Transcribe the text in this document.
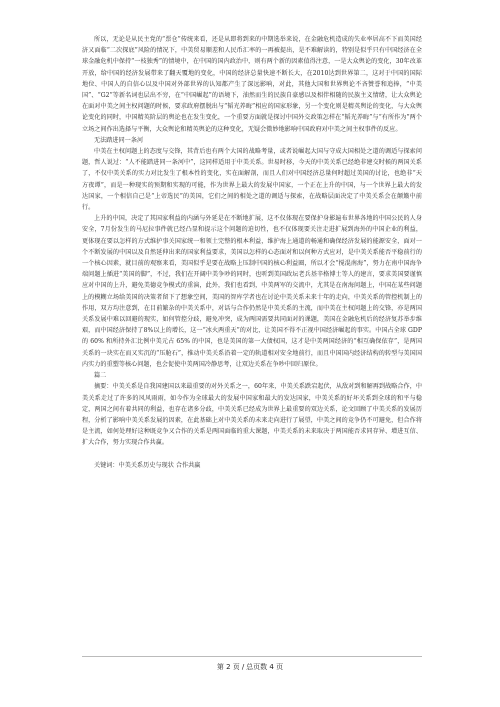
所以，无论是从民主党的“票仓”传统来看，还是从即将到来的中期选举来说，在金融危机造成的失业率居高不下而美国经济又面临“二次探底”风险的情况下，中美贸易顺差和人民币汇率的一再被提出，是不难解读的，特别是似乎只有中国经济在全球金融危机中保持“一枝独秀”的情境中，在中国的国内政治中，则有两个新的因素值得注意，一是大众舆论的变化，30年改革开放，给中国的经济发展带来了翻天覆地的变化，中国的经济总量快速不断长大，在2010达到世界第二，这对于中国的国际地位、中国人的自信心以及中国对外部世界的认知都产生了深远影响，对此，其他大国和世界舆论不吝赞誉和追捧，“中美国”、“G2”等新名词也层出不穷，在“中国崛起”的语境下，油然而生的民族自豪感以及相伴相随的民族主义情绪，让大众舆论在面对中美之间主权问题的时候，要求政府摆脱出与“韬光养晦”相应的国家形象，另一个变化则是精英舆论的变化，与大众舆论变化的同时，中国精英阶层的舆论也在发生变化，一个重要方面就是探讨中国外交政策怎样在“韬光养晦”与“有所作为”两个立场之间作出选择与平衡，大众舆论和精英舆论的这种变化，无疑会微妙地影响中国政府对中美之间主权事件的反应。

无法踏进同一条河

中美在主权问题上的态度与交锋，其背后也有两个大国的战略考量，或者说崛起大国与守成大国相处之道的调适与探索问题，哲人说过：“人不能踏进同一条河中”，这同样适用于中美关系。世易时移，今天的中美关系已经绝非建交时候的两国关系了，不仅中美关系的实力对比发生了根本性的变化，实在面解剖，而且人们对中国经济总量何时超过美国的讨论，也绝非“天方夜谭”，而是一种现实的预期和实现的可能，作为世界上最大的发展中国家，一个正在上升的中国，与一个世界上最大的发达国家，一个相信自己是“上帝选民”的美国，它们之间的相处之道的调适与探索，在战略层面决定了中美关系会在颠簸中前行。

上升的中国，决定了其国家利益的内涵与外延是在不断地扩展，这不仅体现在要保护身影遍布世界各地的中国公民的人身安全，7月份发生的马尼拉事件就已经凸显和提示这个问题的迫切性，也不仅体现要关注走进扩展到海外的中国企业的利益，更体现在要以怎样的方式维护事关国家统一和领土完整的根本利益，维护海上通道的畅通和确保经济发展的能源安全，面对一个不断发展的中国以及自然延伸出来的国家利益要求，美国以怎样的心态面对和以何种方式应对，是中美关系能否平稳前行的一个核心因素，就目前的观察来看，美国似乎是要在战略上压制中国的核心利益圈，所以才会“搅混南海”，努力在南中国海争端问题上插进“美国的脚”，不过，我们在开阔中美争吵的同时，也听到美国政坛老兵基辛格博士等人的建言，要求美国要谨慎应对中国的上升，避免美德竞争模式的重演，此外，我们也看到，中美两军的交流中，尤其是在南海问题上，中国在某些问题上的模糊立场给美国的决策者留下了想象空间，美国的智库学者也在讨论中美关系未来十年的走向，中美关系的管控机制上的作用，双方均注意到，在目前繁杂的中美关系中，对话与合作仍然是中美关系的主流，而中美在主权问题上的交锋，亦是两国关系发展中难以回避的现实，如何管控分歧，避免冲突，成为两国需要共同面对的课题，美国在金融危机后的经济复苏举步维艰，而中国经济保持了8%以上的增长，这一“冰火两重天”的对比，让美国不得不正视中国经济崛起的事实。中国占全球 GDP 的 60% 和所持外汇比例中美元占 65% 的中国，也是美国的第一大债权国，这才是中美两国经济的“相互确保依存”，是两国关系的一块实在而又实沉的“压舱石”，推动中美关系沿着一定的轨道相对安全地前行，而且中国国内经济结构的转型与美国国内实力的重塑等核心问题，也会促使中美两国冷静思考，让双边关系在争吵中回归原位。

篇二

摘要：中美关系是自我国建国以来最重要的对外关系之一，60年来，中美关系跌宕起伏，从敌对到和解再到战略合作，中美关系走过了许多的风风雨雨，如今作为全球最大的发展中国家和最大的发达国家，中美关系的好坏关系到全球的和平与稳定，两国之间有着共同的利益，也存在诸多分歧，中美关系已经成为世界上最重要的双边关系，论文回顾了中美关系的发展历程，分析了影响中美关系发展的因素，在此基础上对中美关系的未来走向进行了展望，中美之间的竞争仍不可避免，但合作将是主流，如何处理好这种既竞争又合作的关系是两国面临的重大课题，中美关系的未来取决于两国能否求同存异、增进互信、扩大合作，努力实现合作共赢。

关键词：中美关系历史与现状 合作共赢

第 2 页 / 总页数 4 页
